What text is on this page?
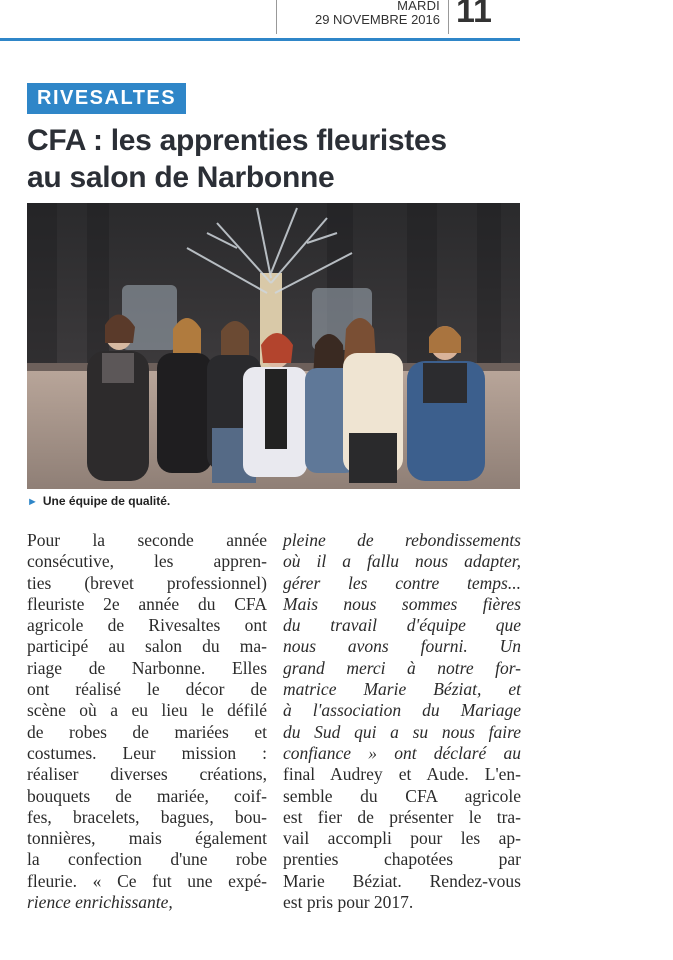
MARDI
29 NOVEMBRE 2016 11
RIVESALTES
CFA : les apprenties fleuristes
au salon de Narbonne
► Une équipe de qualité.
Pour la seconde année
consécutive, les appren-
ties (brevet professionnel)
fleuriste 2e année du CFA
agricole de Rivesaltes ont
participé au salon du ma-
riage de Narbonne. Elles
ont réalisé le décor de
scène où a eu lieu le défilé
de robes de mariées et
costumes. Leur mission :
réaliser diverses créations,
bouquets de mariée, coif-
fes, bracelets, bagues, bou-
tonnières, mais également
la confection d'une robe
fleurie. « Ce fut une expé-
rience enrichissante,
pleine de rebondissements
où il a fallu nous adapter,
gérer les contre temps...
Mais nous sommes fières
du travail d'équipe que
nous avons fourni. Un
grand merci à notre for-
matrice Marie Béziat, et
à l'association du Mariage
du Sud qui a su nous faire
confiance » ont déclaré au
final Audrey et Aude. L'en-
semble du CFA agricole
est fier de présenter le tra-
vail accompli pour les ap-
prenties chapotées par
Marie Béziat. Rendez-vous
est pris pour 2017.
